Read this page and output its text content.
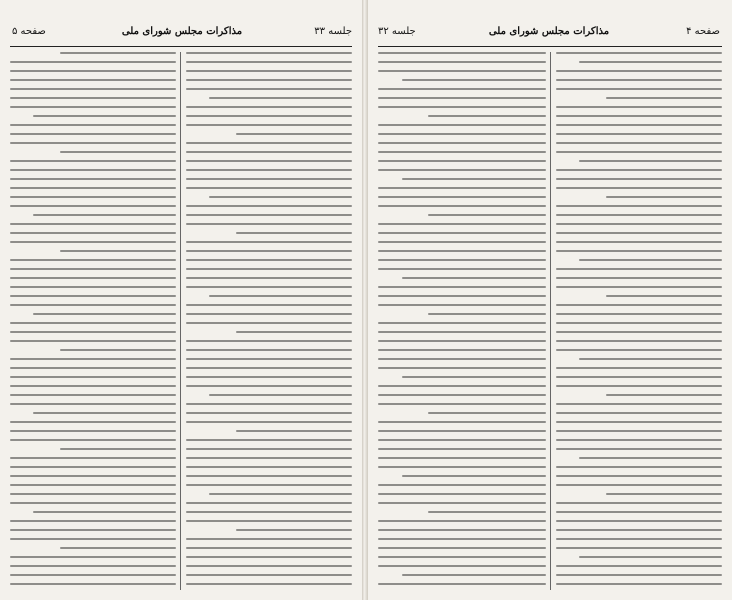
صفحه ۵	مذاکرات مجلس شورای ملی	جلسه ۳۳	صفحه ۴
مذاکرات مجلس شورای ملی
جلسه ۳۲
